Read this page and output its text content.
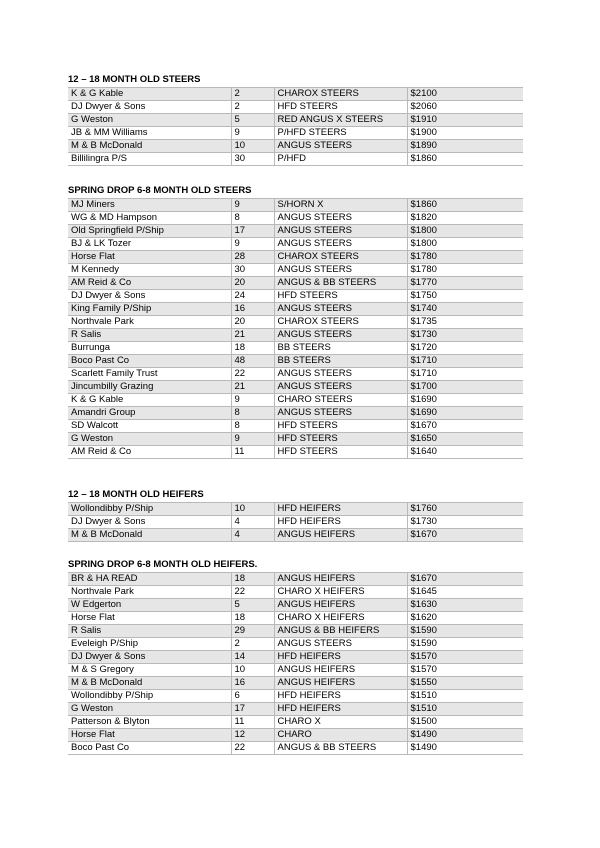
12 – 18 MONTH OLD STEERS
K & G Kable	2	CHAROX STEERS	$2100
DJ Dwyer & Sons	2	HFD STEERS	$2060
G Weston	5	RED ANGUS X STEERS	$1910
JB & MM Williams	9	P/HFD STEERS	$1900
M & B McDonald	10	ANGUS STEERS	$1890
Billilingra P/S	30	P/HFD	$1860
SPRING DROP 6-8 MONTH OLD STEERS
MJ Miners	9	S/HORN X	$1860
WG & MD Hampson	8	ANGUS STEERS	$1820
Old Springfield P/Ship	17	ANGUS STEERS	$1800
BJ & LK Tozer	9	ANGUS STEERS	$1800
Horse Flat	28	CHAROX STEERS	$1780
M Kennedy	30	ANGUS STEERS	$1780
AM Reid & Co	20	ANGUS & BB STEERS	$1770
DJ Dwyer & Sons	24	HFD STEERS	$1750
King Family P/Ship	16	ANGUS STEERS	$1740
Northvale Park	20	CHAROX STEERS	$1735
R Salis	21	ANGUS STEERS	$1730
Burrunga	18	BB STEERS	$1720
Boco Past Co	48	BB STEERS	$1710
Scarlett Family Trust	22	ANGUS STEERS	$1710
Jincumbilly Grazing	21	ANGUS STEERS	$1700
K & G Kable	9	CHARO STEERS	$1690
Amandri Group	8	ANGUS STEERS	$1690
SD Walcott	8	HFD STEERS	$1670
G Weston	9	HFD STEERS	$1650
AM Reid & Co	11	HFD STEERS	$1640
12 – 18 MONTH OLD HEIFERS
Wollondibby P/Ship	10	HFD HEIFERS	$1760
DJ Dwyer & Sons	4	HFD HEIFERS	$1730
M & B McDonald	4	ANGUS HEIFERS	$1670
SPRING DROP 6-8 MONTH OLD HEIFERS.
BR & HA READ	18	ANGUS HEIFERS	$1670
Northvale Park	22	CHARO X HEIFERS	$1645
W Edgerton	5	ANGUS HEIFERS	$1630
Horse Flat	18	CHARO X HEIFERS	$1620
R Salis	29	ANGUS & BB HEIFERS	$1590
Eveleigh P/Ship	2	ANGUS STEERS	$1590
DJ Dwyer & Sons	14	HFD HEIFERS	$1570
M & S Gregory	10	ANGUS HEIFERS	$1570
M & B McDonald	16	ANGUS HEIFERS	$1550
Wollondibby P/Ship	6	HFD HEIFERS	$1510
G Weston	17	HFD HEIFERS	$1510
Patterson & Blyton	11	CHARO X	$1500
Horse Flat	12	CHARO	$1490
Boco Past Co	22	ANGUS & BB STEERS	$1490
